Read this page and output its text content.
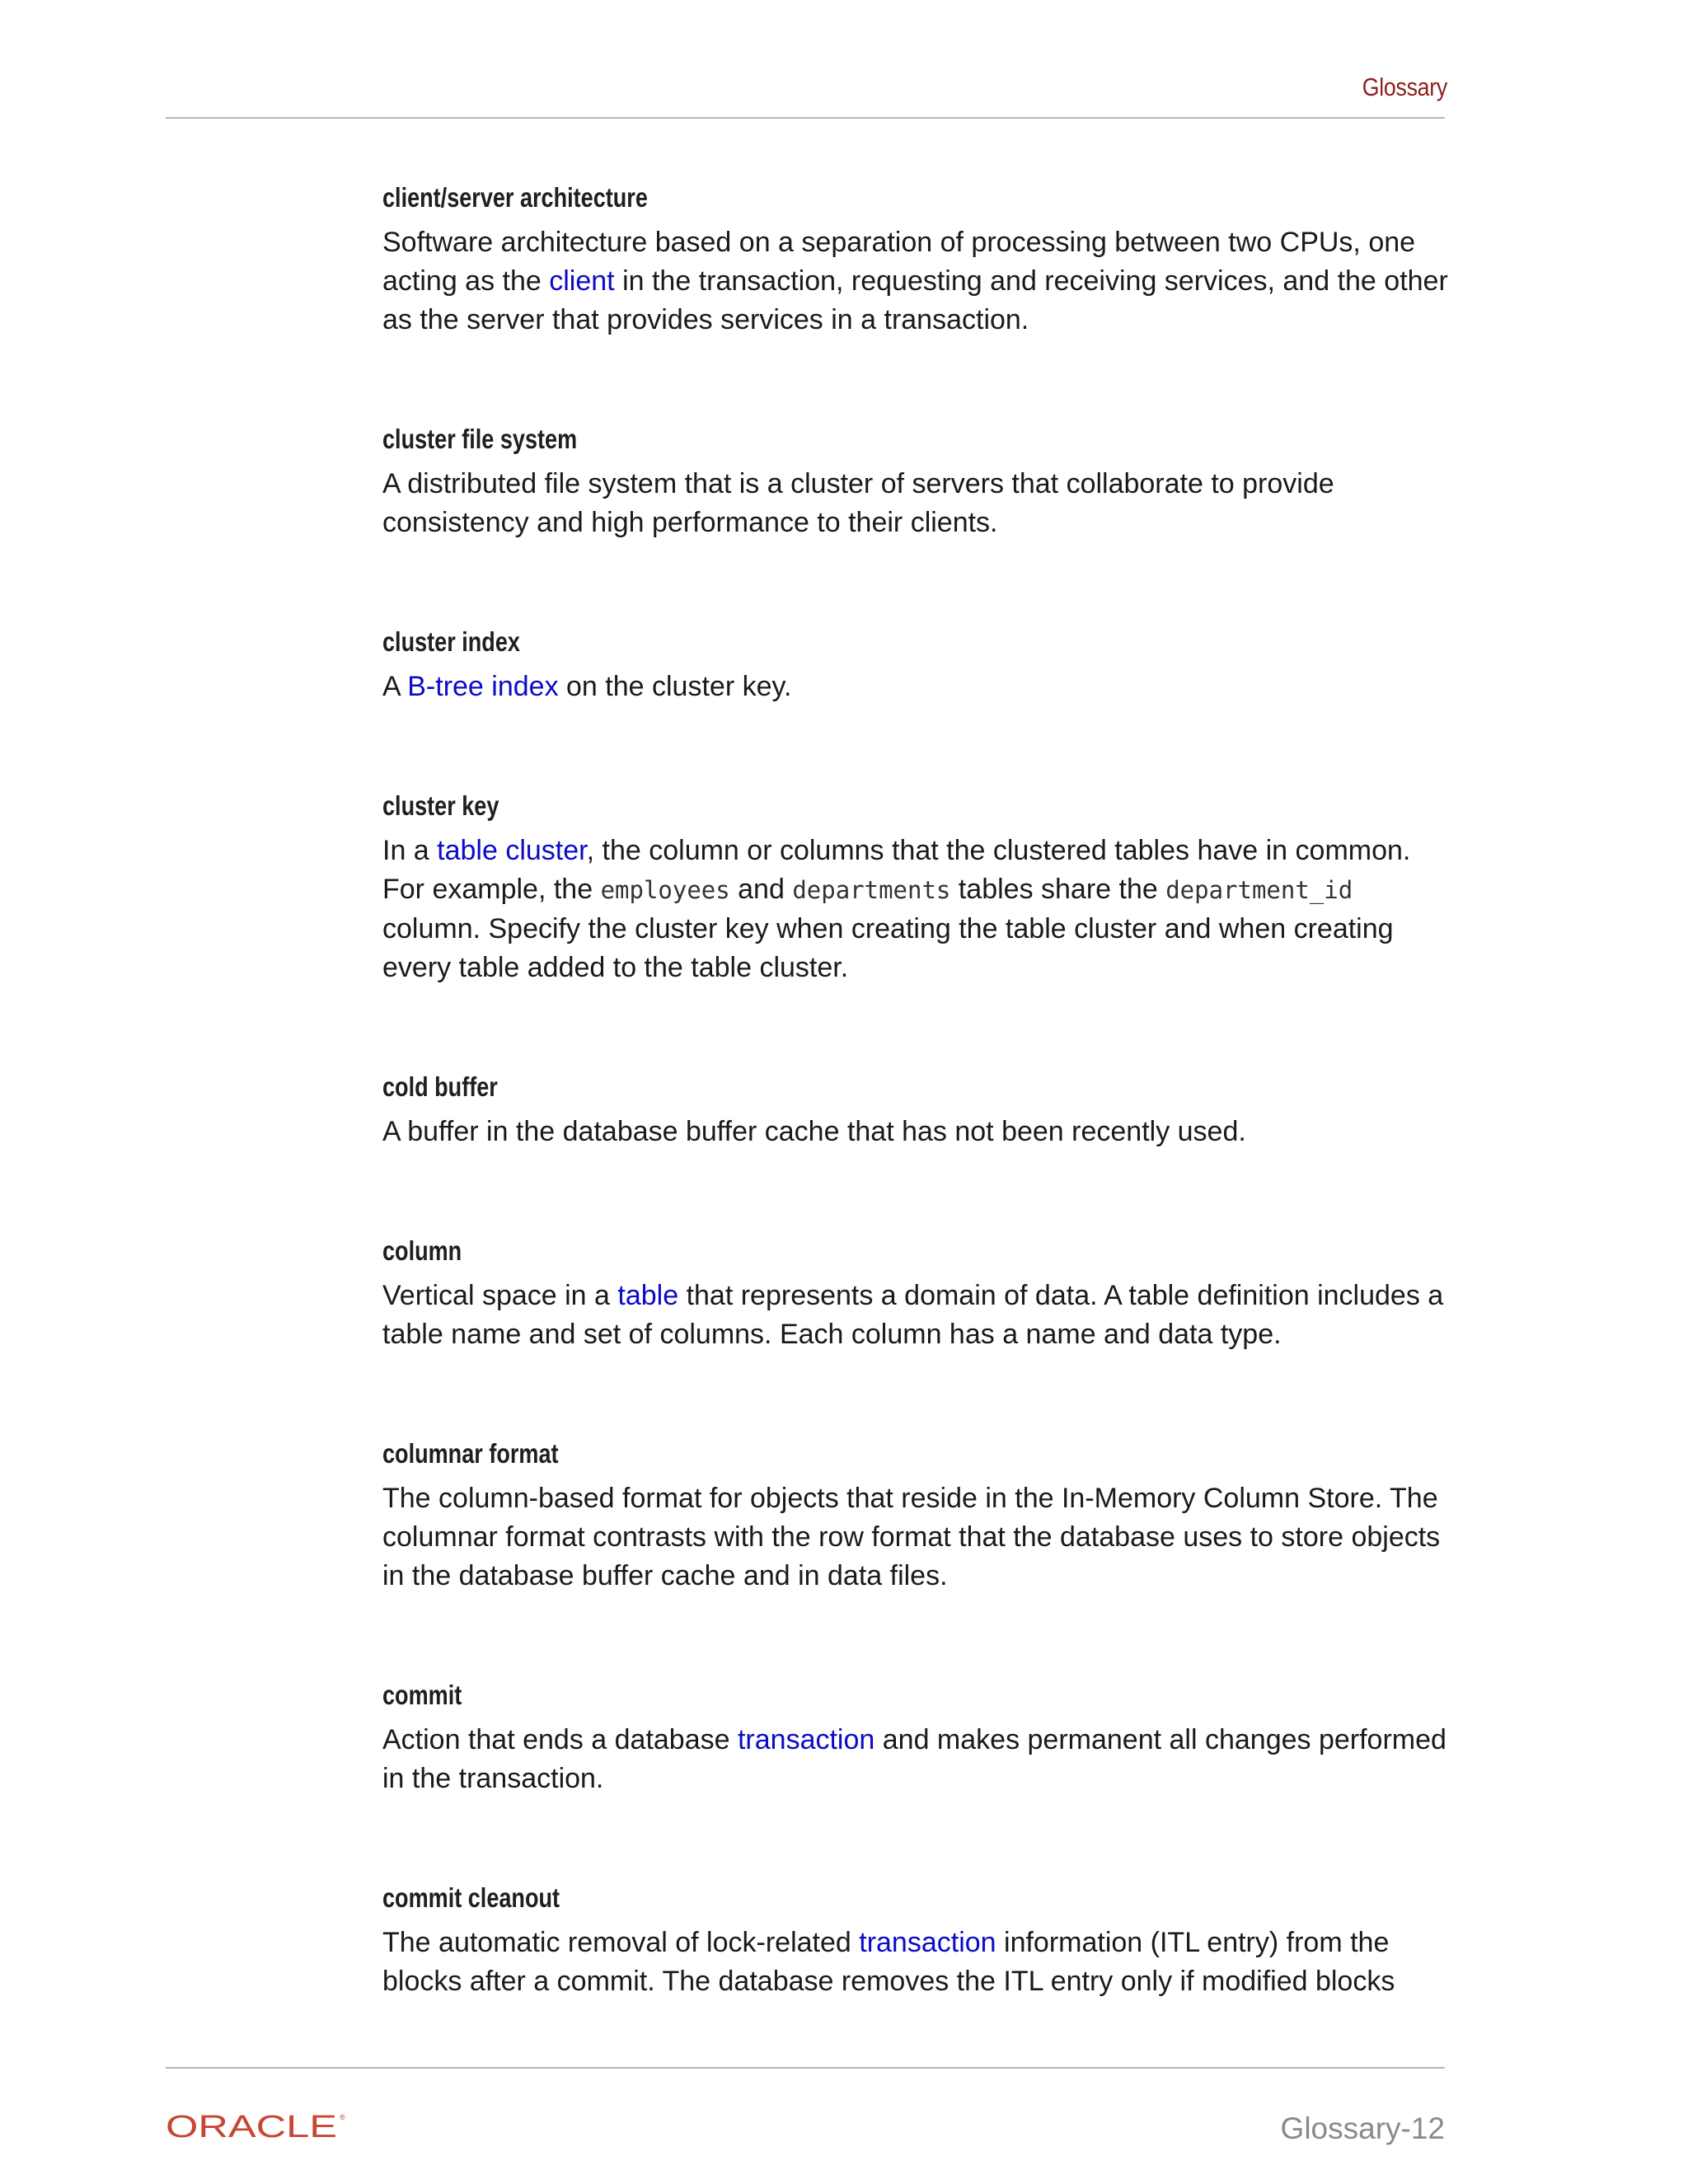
Glossary
client/server architecture
Software architecture based on a separation of processing between two CPUs, one
acting as the client in the transaction, requesting and receiving services, and the other
as the server that provides services in a transaction.
cluster file system
A distributed file system that is a cluster of servers that collaborate to provide
consistency and high performance to their clients.
cluster index
A B-tree index on the cluster key.
cluster key
In a table cluster, the column or columns that the clustered tables have in common.
For example, the employees and departments tables share the department_id
column. Specify the cluster key when creating the table cluster and when creating
every table added to the table cluster.
cold buffer
A buffer in the database buffer cache that has not been recently used.
column
Vertical space in a table that represents a domain of data. A table definition includes a
table name and set of columns. Each column has a name and data type.
columnar format
The column-based format for objects that reside in the In-Memory Column Store. The
columnar format contrasts with the row format that the database uses to store objects
in the database buffer cache and in data files.
commit
Action that ends a database transaction and makes permanent all changes performed
in the transaction.
commit cleanout
The automatic removal of lock-related transaction information (ITL entry) from the
blocks after a commit. The database removes the ITL entry only if modified blocks
ORACLE ®	Glossary-12
